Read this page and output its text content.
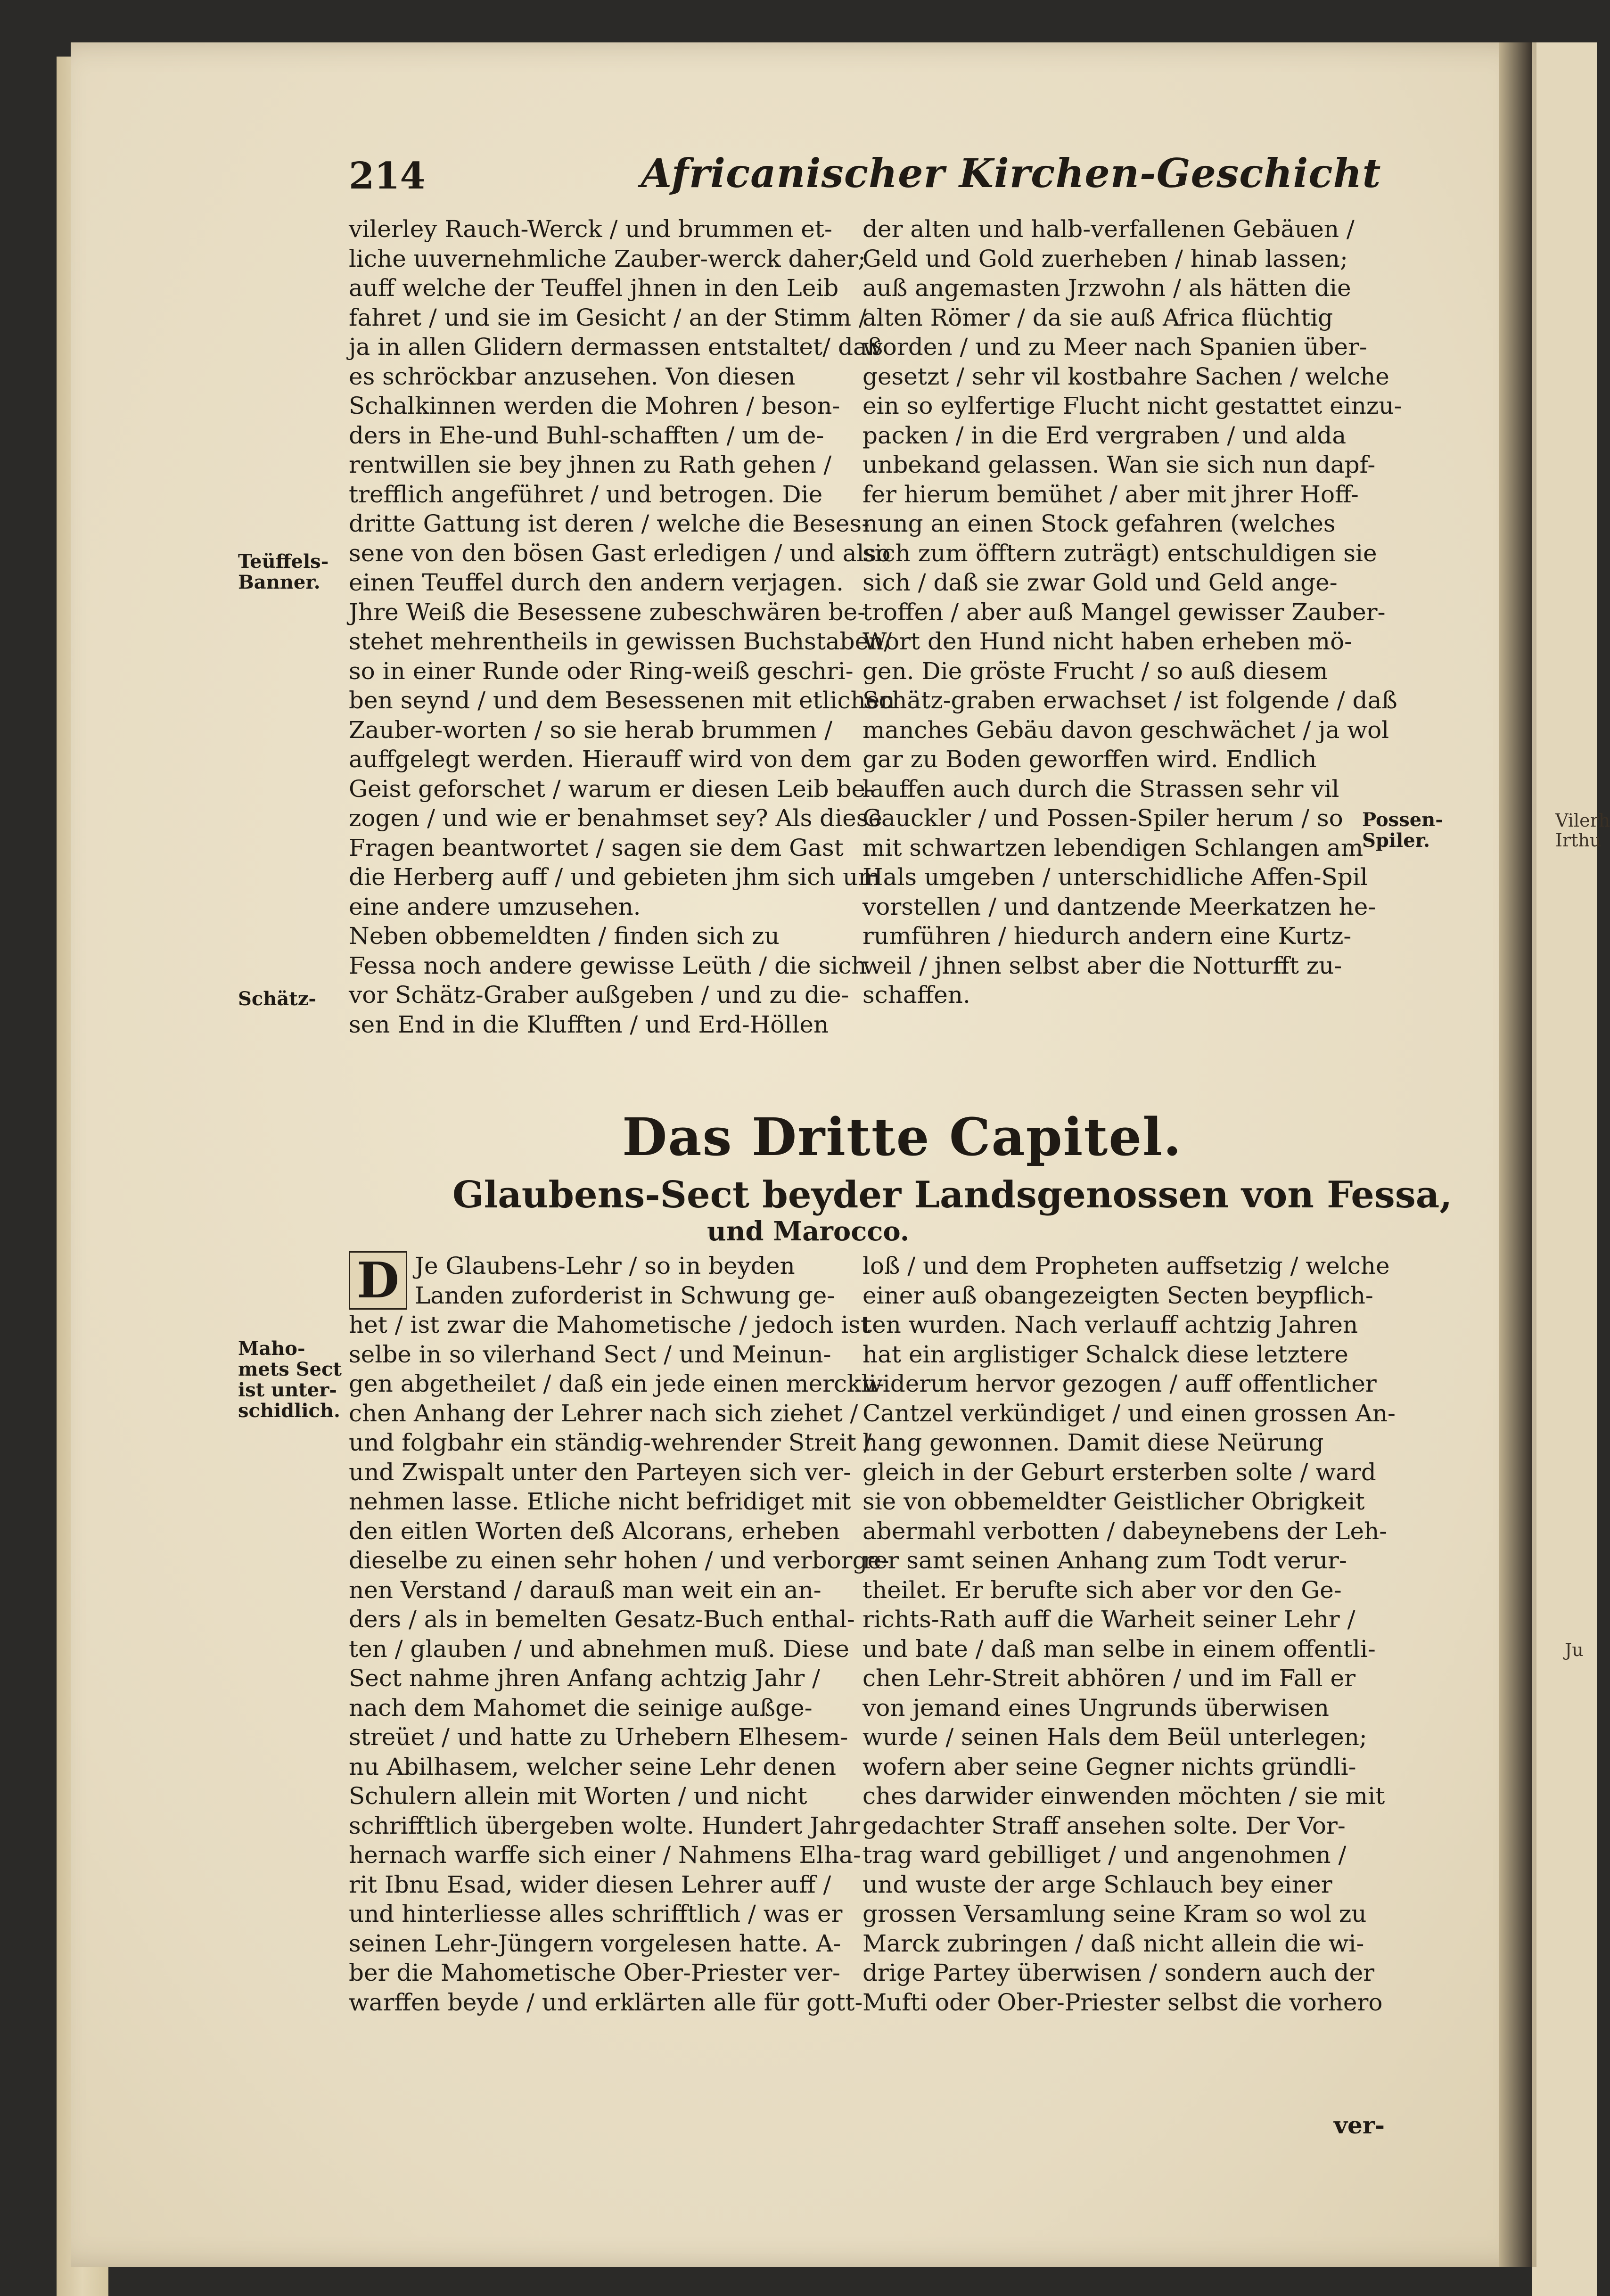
214	Africanischer Kirchen-Geschicht
vilerley Rauch-Werck / und brummen et-
liche uuvernehmliche Zauber-werck daher;
auff welche der Teuffel jhnen in den Leib
fahret / und sie im Gesicht / an der Stimm /
ja in allen Glidern dermassen entstaltet/ daß
es schröckbar anzusehen. Von diesen
Schalkinnen werden die Mohren / beson-
ders in Ehe-und Buhl-schafften / um de-
rentwillen sie bey jhnen zu Rath gehen /
trefflich angeführet / und betrogen. Die
dritte Gattung ist deren / welche die Beses-
sene von den bösen Gast erledigen / und also
einen Teuffel durch den andern verjagen.
Jhre Weiß die Besessene zubeschwären be-
stehet mehrentheils in gewissen Buchstaben/
so in einer Runde oder Ring-weiß geschri-
ben seynd / und dem Besessenen mit etlichen
Zauber-worten / so sie herab brummen /
auffgelegt werden. Hierauff wird von dem
Geist geforschet / warum er diesen Leib be-
zogen / und wie er benahmset sey? Als diese
Fragen beantwortet / sagen sie dem Gast
die Herberg auff / und gebieten jhm sich um
eine andere umzusehen.
Neben obbemeldten / finden sich zu
Fessa noch andere gewisse Leüth / die sich
vor Schätz-Graber außgeben / und zu die-
sen End in die Klufften / und Erd-Höllen
der alten und halb-verfallenen Gebäuen /
Geld und Gold zuerheben / hinab lassen;
auß angemasten Jrzwohn / als hätten die
alten Römer / da sie auß Africa flüchtig
worden / und zu Meer nach Spanien über-
gesetzt / sehr vil kostbahre Sachen / welche
ein so eylfertige Flucht nicht gestattet einzu-
packen / in die Erd vergraben / und alda
unbekand gelassen. Wan sie sich nun dapf-
fer hierum bemühet / aber mit jhrer Hoff-
nung an einen Stock gefahren (welches
sich zum öfftern zuträgt) entschuldigen sie
sich / daß sie zwar Gold und Geld ange-
troffen / aber auß Mangel gewisser Zauber-
Wort den Hund nicht haben erheben mö-
gen. Die gröste Frucht / so auß diesem
Schätz-graben erwachset / ist folgende / daß
manches Gebäu davon geschwächet / ja wol
gar zu Boden geworffen wird. Endlich
lauffen auch durch die Strassen sehr vil
Gauckler / und Possen-Spiler herum / so
mit schwartzen lebendigen Schlangen am
Hals umgeben / unterschidliche Affen-Spil
vorstellen / und dantzende Meerkatzen he-
rumführen / hiedurch andern eine Kurtz-
weil / jhnen selbst aber die Notturfft zu-
schaffen.
Teüffels-
Banner.
Schätz-
Maho-
mets Sect
ist unter-
schidlich.
Possen-
Spiler.
Das Dritte Capitel.
Glaubens-Sect beyder Landsgenossen von Fessa,
und Marocco.
D Je Glaubens-Lehr / so in beyden
Landen zuforderist in Schwung ge-
het / ist zwar die Mahometische / jedoch ist
selbe in so vilerhand Sect / und Meinun-
gen abgetheilet / daß ein jede einen merckli-
chen Anhang der Lehrer nach sich ziehet /
und folgbahr ein ständig-wehrender Streit /
und Zwispalt unter den Parteyen sich ver-
nehmen lasse. Etliche nicht befridiget mit
den eitlen Worten deß Alcorans, erheben
dieselbe zu einen sehr hohen / und verborge-
nen Verstand / darauß man weit ein an-
ders / als in bemelten Gesatz-Buch enthal-
ten / glauben / und abnehmen muß. Diese
Sect nahme jhren Anfang achtzig Jahr /
nach dem Mahomet die seinige außge-
streüet / und hatte zu Urhebern Elhesem-
nu Abilhasem, welcher seine Lehr denen
Schulern allein mit Worten / und nicht
schrifftlich übergeben wolte. Hundert Jahr
hernach warffe sich einer / Nahmens Elha-
rit Ibnu Esad, wider diesen Lehrer auff /
und hinterliesse alles schrifftlich / was er
seinen Lehr-Jüngern vorgelesen hatte. A-
ber die Mahometische Ober-Priester ver-
warffen beyde / und erklärten alle für gott-
loß / und dem Propheten auffsetzig / welche
einer auß obangezeigten Secten beypflich-
ten wurden. Nach verlauff achtzig Jahren
hat ein arglistiger Schalck diese letztere
widerum hervor gezogen / auff offentlicher
Cantzel verkündiget / und einen grossen An-
hang gewonnen. Damit diese Neürung
gleich in der Geburt ersterben solte / ward
sie von obbemeldter Geistlicher Obrigkeit
abermahl verbotten / dabeynebens der Leh-
rer samt seinen Anhang zum Todt verur-
theilet. Er berufte sich aber vor den Ge-
richts-Rath auff die Warheit seiner Lehr /
und bate / daß man selbe in einem offentli-
chen Lehr-Streit abhören / und im Fall er
von jemand eines Ungrunds überwisen
wurde / seinen Hals dem Beül unterlegen;
wofern aber seine Gegner nichts gründli-
ches darwider einwenden möchten / sie mit
gedachter Straff ansehen solte. Der Vor-
trag ward gebilliget / und angenohmen /
und wuste der arge Schlauch bey einer
grossen Versamlung seine Kram so wol zu
Marck zubringen / daß nicht allein die wi-
drige Partey überwisen / sondern auch der
Mufti oder Ober-Priester selbst die vorhero
ver-
Vilerh
Irthu
Ju
